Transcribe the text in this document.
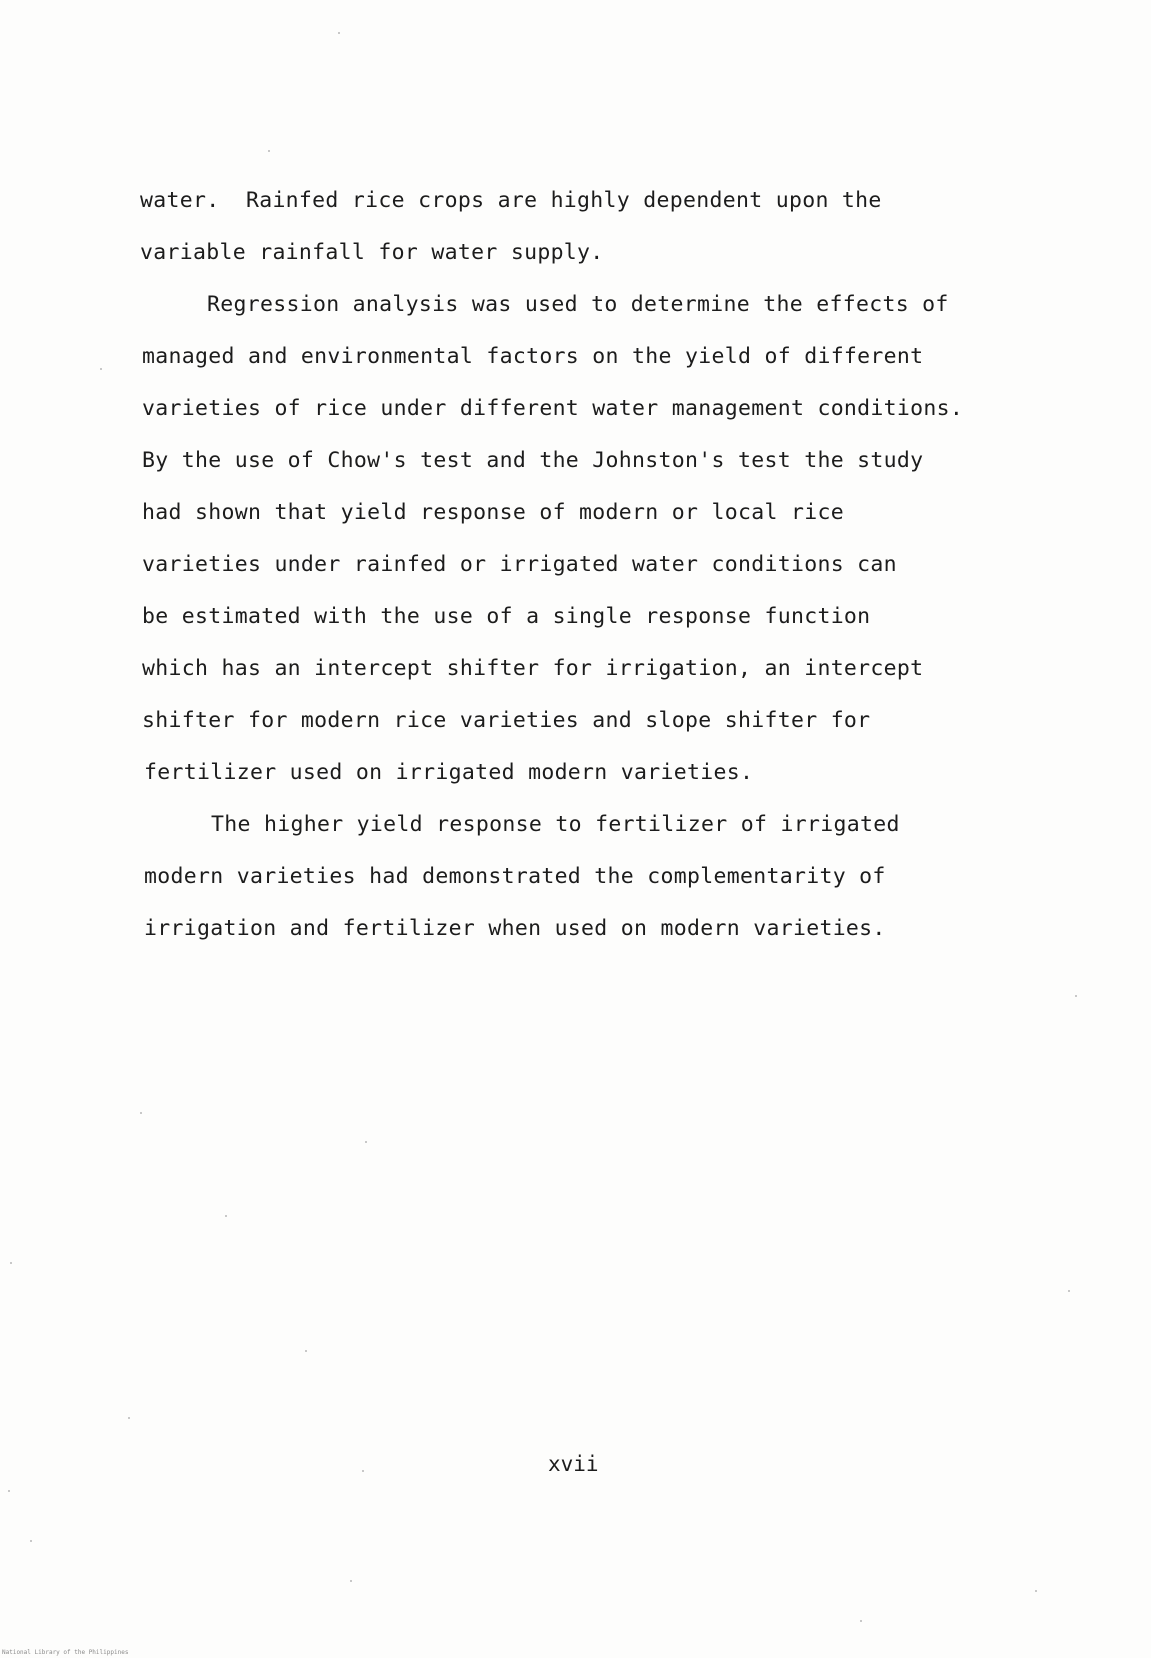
water.  Rainfed rice crops are highly dependent upon the
variable rainfall for water supply.
Regression analysis was used to determine the effects of
managed and environmental factors on the yield of different
varieties of rice under different water management conditions.
By the use of Chow's test and the Johnston's test the study
had shown that yield response of modern or local rice
varieties under rainfed or irrigated water conditions can
be estimated with the use of a single response function
which has an intercept shifter for irrigation, an intercept
shifter for modern rice varieties and slope shifter for
fertilizer used on irrigated modern varieties.
The higher yield response to fertilizer of irrigated
modern varieties had demonstrated the complementarity of
irrigation and fertilizer when used on modern varieties.
xvii
National Library of the Philippines
